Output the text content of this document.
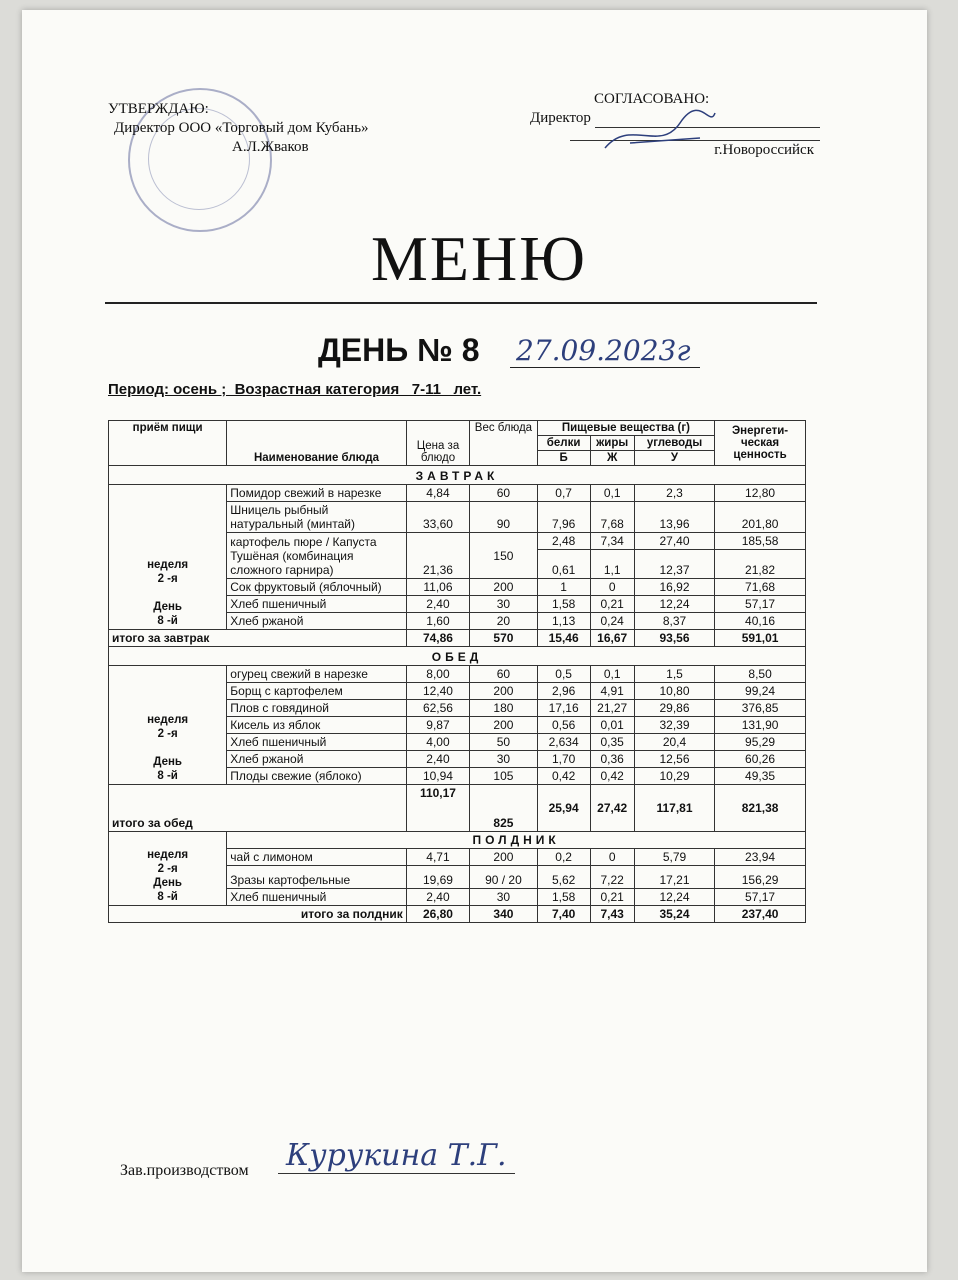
УТВЕРЖДАЮ:
Директор ООО «Торговый дом Кубань»
А.Л.Жваков
СОГЛАСОВАНО:
Директор
г.Новороссийск
МЕНЮ
ДЕНЬ № 8 27.09.2023г
Период: осень ;  Возрастная категория   7-11   лет.
приём пищи	Наименование блюда	Цена за блюдо	Вес блюда	Пищевые вещества (г)			Энергети- ческая ценность
				белки	жиры	углеводы	
				Б	Ж	У	
ЗАВТРАК							

неделя
2 -я

День
8 -й	Помидор свежий в нарезке	4,84	60	0,7	0,1	2,3	12,80
	Шницель рыбный натуральный (минтай)	33,60	90	7,96	7,68	13,96	201,80
	картофель пюре / Капуста Тушёная (комбинация сложного гарнира)	21,36	150	2,48	7,34	27,40	185,58
				0,61	1,1	12,37	21,82
	Сок фруктовый (яблочный)	11,06	200	1	0	16,92	71,68
	Хлеб пшеничный	2,40	30	1,58	0,21	12,24	57,17
	Хлеб ржаной	1,60	20	1,13	0,24	8,37	40,16
итого за завтрак		74,86	570	15,46	16,67	93,56	591,01
ОБЕД							

неделя
2 -я

День
8 -й	огурец свежий в нарезке	8,00	60	0,5	0,1	1,5	8,50
	Борщ с картофелем	12,40	200	2,96	4,91	10,80	99,24
	Плов с говядиной	62,56	180	17,16	21,27	29,86	376,85
	Кисель из яблок	9,87	200	0,56	0,01	32,39	131,90
	Хлеб пшеничный	4,00	50	2,634	0,35	20,4	95,29
	Хлеб ржаной	2,40	30	1,70	0,36	12,56	60,26
	Плоды свежие (яблоко)	10,94	105	0,42	0,42	10,29	49,35
итого за обед		110,17	825	25,94	27,42	117,81	821,38

неделя
2 -я
День
8 -й	ПОЛДНИК						
	чай с лимоном	4,71	200	0,2	0	5,79	23,94
	Зразы картофельные	19,69	90 / 20	5,62	7,22	17,21	156,29
	Хлеб пшеничный	2,40	30	1,58	0,21	12,24	57,17
итого за полдник		26,80	340	7,40	7,43	35,24	237,40
Зав.производством Курукина Т.Г.
